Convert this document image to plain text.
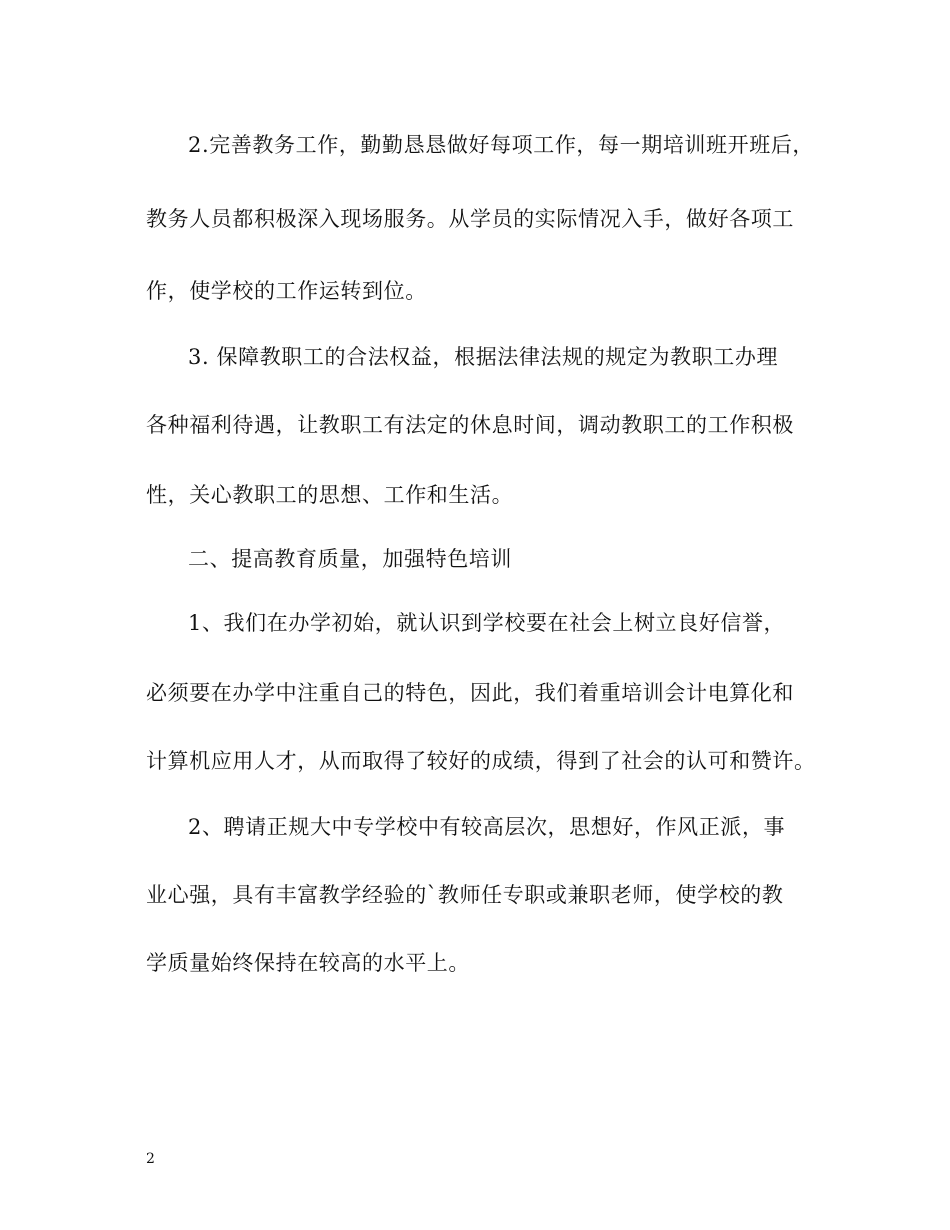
2.完善教务工作，勤勤恳恳做好每项工作，每一期培训班开班后，
教务人员都积极深入现场服务。从学员的实际情况入手，做好各项工
作，使学校的工作运转到位。
3. 保障教职工的合法权益，根据法律法规的规定为教职工办理
各种福利待遇，让教职工有法定的休息时间，调动教职工的工作积极
性，关心教职工的思想、工作和生活。
二、提高教育质量，加强特色培训
1、我们在办学初始，就认识到学校要在社会上树立良好信誉，
必须要在办学中注重自己的特色，因此，我们着重培训会计电算化和
计算机应用人才，从而取得了较好的成绩，得到了社会的认可和赞许。
2、聘请正规大中专学校中有较高层次，思想好，作风正派，事
业心强，具有丰富教学经验的`教师任专职或兼职老师，使学校的教
学质量始终保持在较高的水平上。
2
